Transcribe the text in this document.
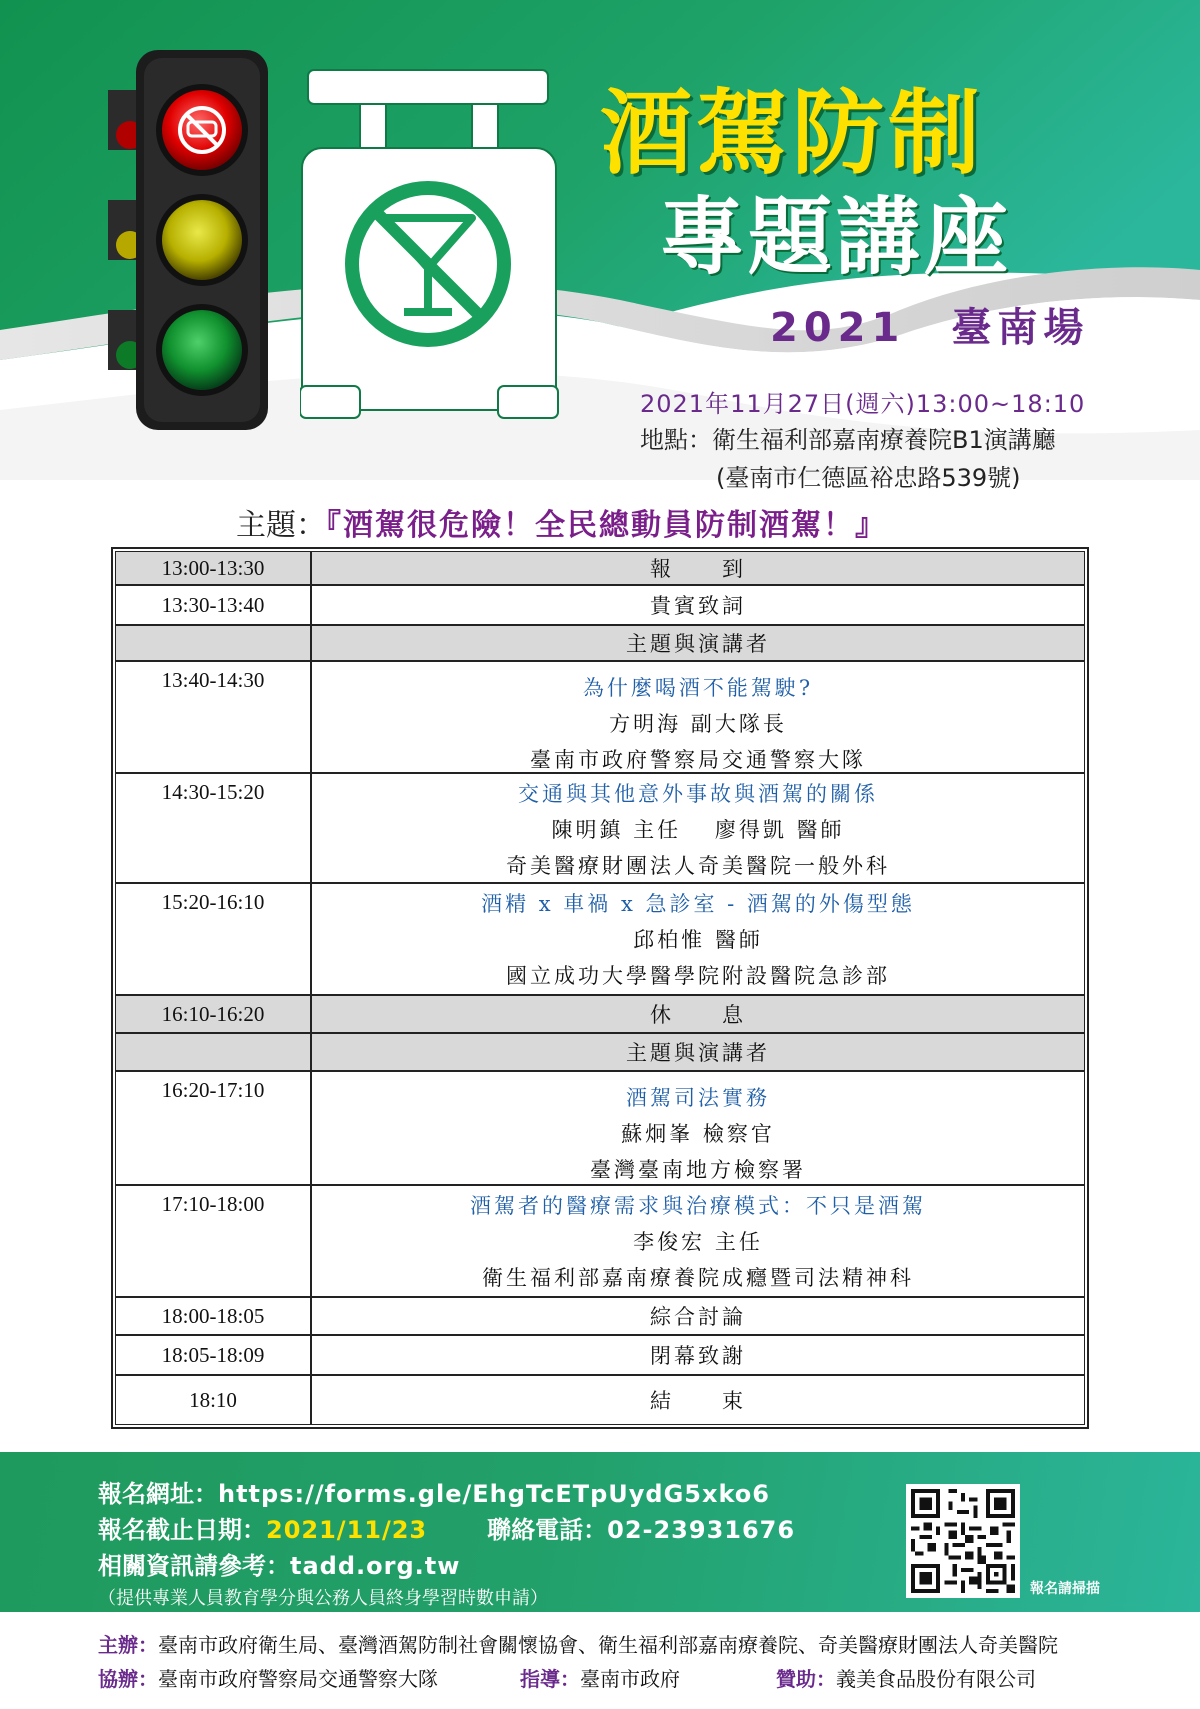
酒駕防制
專題講座
2021　臺南場
2021年11月27日(週六)13:00~18:10
地點：衛生福利部嘉南療養院B1演講廳
(臺南市仁德區裕忠路539號)
主題：『酒駕很危險！全民總動員防制酒駕！』
13:00-13:30	報　　到
13:30-13:40	貴賓致詞
主題與演講者
13:40-14:30	為什麼喝酒不能駕駛?
方明海 副大隊長
臺南市政府警察局交通警察大隊
14:30-15:20	交通與其他意外事故與酒駕的關係
陳明鎮 主任　 廖得凱 醫師
奇美醫療財團法人奇美醫院一般外科
15:20-16:10	酒精 x 車禍 x 急診室 - 酒駕的外傷型態
邱柏惟 醫師
國立成功大學醫學院附設醫院急診部
16:10-16:20	休　　息
主題與演講者
16:20-17:10	酒駕司法實務
蘇炯峯 檢察官
臺灣臺南地方檢察署
17:10-18:00	酒駕者的醫療需求與治療模式：不只是酒駕
李俊宏 主任
衛生福利部嘉南療養院成癮暨司法精神科
18:00-18:05	綜合討論
18:05-18:09	閉幕致謝
18:10	結　　束
報名網址：https://forms.gle/EhgTcETpUydG5xko6
報名截止日期：2021/11/23	聯絡電話：02-23931676
相關資訊請參考：tadd.org.tw
（提供專業人員教育學分與公務人員終身學習時數申請）	報名請掃描
主辦：臺南市政府衛生局、臺灣酒駕防制社會關懷協會、衛生福利部嘉南療養院、奇美醫療財團法人奇美醫院
協辦：臺南市政府警察局交通警察大隊	指導：臺南市政府	贊助：義美食品股份有限公司
